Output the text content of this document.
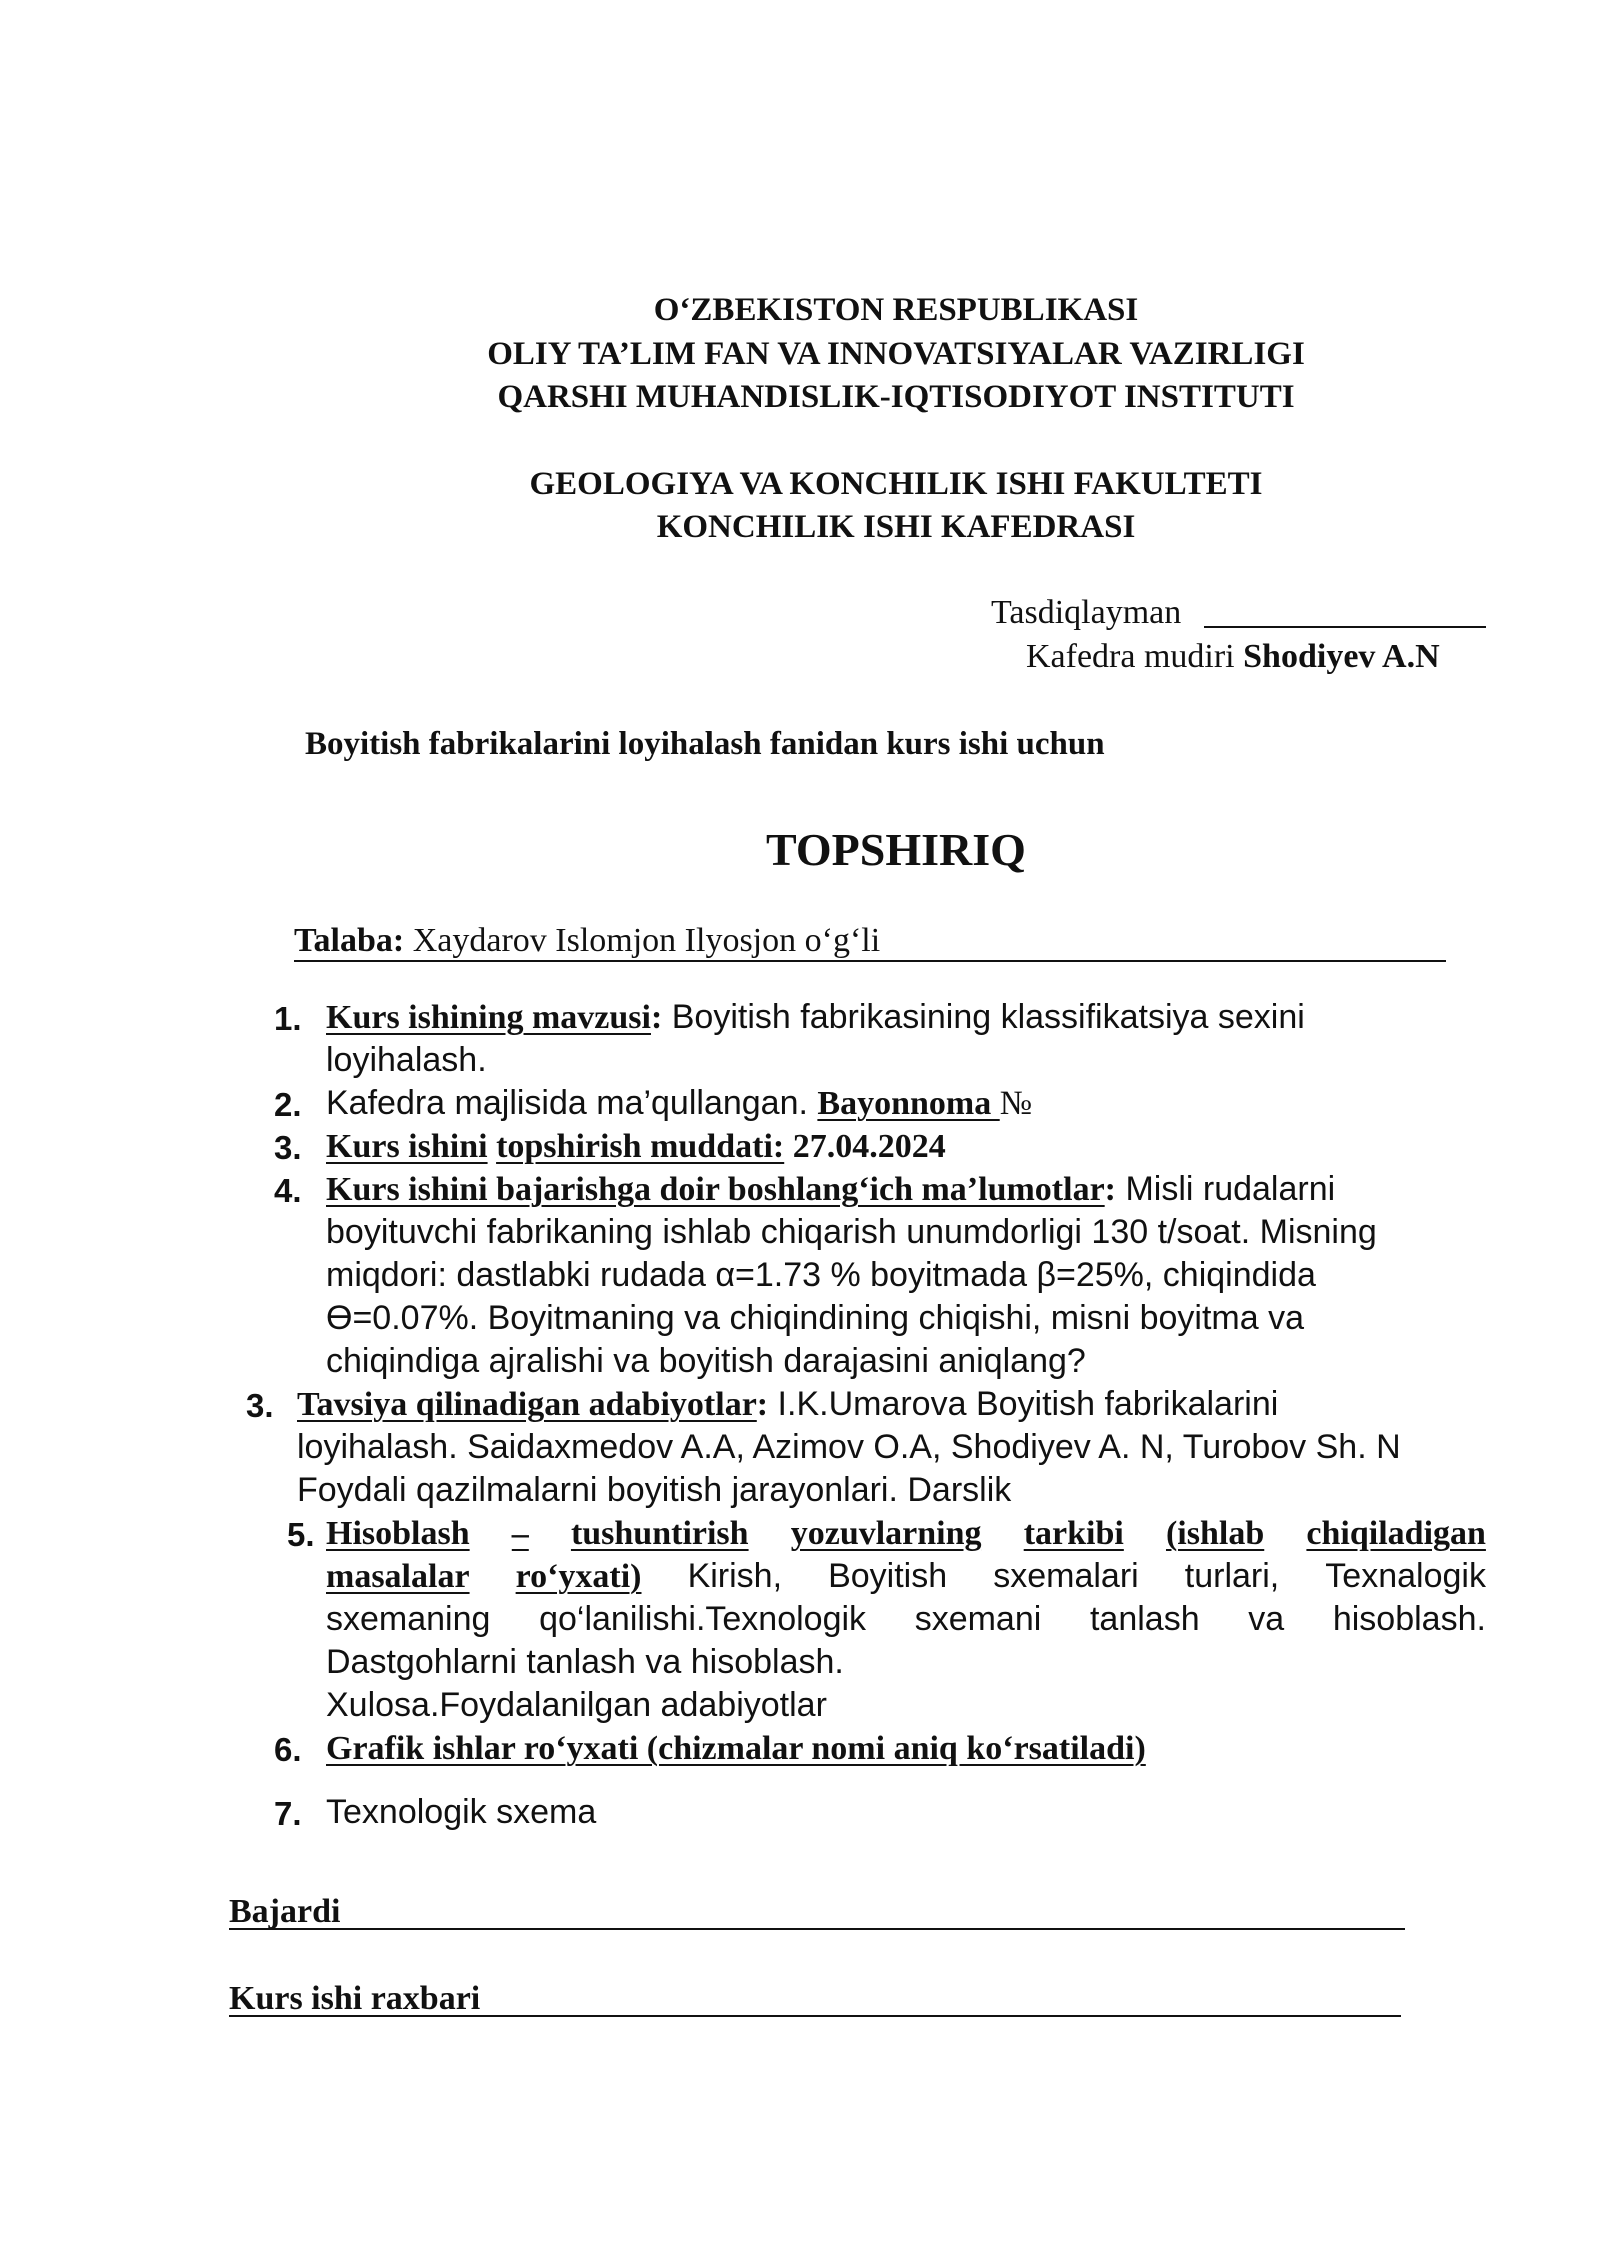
O‘ZBEKISTON RESPUBLIKASI
OLIY TA’LIM FAN VA INNOVATSIYALAR VAZIRLIGI
QARSHI MUHANDISLIK-IQTISODIYOT INSTITUTI
GEOLOGIYA VA KONCHILIK ISHI FAKULTETI
KONCHILIK ISHI KAFEDRASI
Tasdiqlayman
Kafedra mudiri Shodiyev A.N
Boyitish fabrikalarini loyihalash fanidan kurs ishi uchun
TOPSHIRIQ
Talaba: Xaydarov Islomjon Ilyosjon o‘g‘li
1. Kurs ishining mavzusi: Boyitish fabrikasining klassifikatsiya sexini
loyihalash.
2. Kafedra majlisida ma’qullangan. Bayonnoma №
3. Kurs ishini topshirish muddati: 27.04.2024
4. Kurs ishini bajarishga doir boshlang‘ich ma’lumotlar: Misli rudalarni
boyituvchi fabrikaning ishlab chiqarish unumdorligi 130 t/soat. Misning
miqdori: dastlabki rudada α=1.73 % boyitmada β=25%, chiqindida
Ө=0.07%. Boyitmaning va chiqindining chiqishi, misni boyitma va
chiqindiga ajralishi va boyitish darajasini aniqlang?
3. Tavsiya qilinadigan adabiyotlar: I.K.Umarova Boyitish fabrikalarini
loyihalash. Saidaxmedov A.A, Azimov O.A, Shodiyev A. N, Turobov Sh. N
Foydali qazilmalarni boyitish jarayonlari. Darslik
5. Hisoblash – tushuntirish yozuvlarning tarkibi (ishlab chiqiladigan
masalalar ro‘yxati) Kirish, Boyitish sxemalari turlari, Texnalogik
sxemaning qo‘lanilishi.Texnologik sxemani tanlash va hisoblash.
Dastgohlarni tanlash va hisoblash.
Xulosa.Foydalanilgan adabiyotlar
6. Grafik ishlar ro‘yxati (chizmalar nomi aniq ko‘rsatiladi)
7. Texnologik sxema
Bajardi
Kurs ishi raxbari
